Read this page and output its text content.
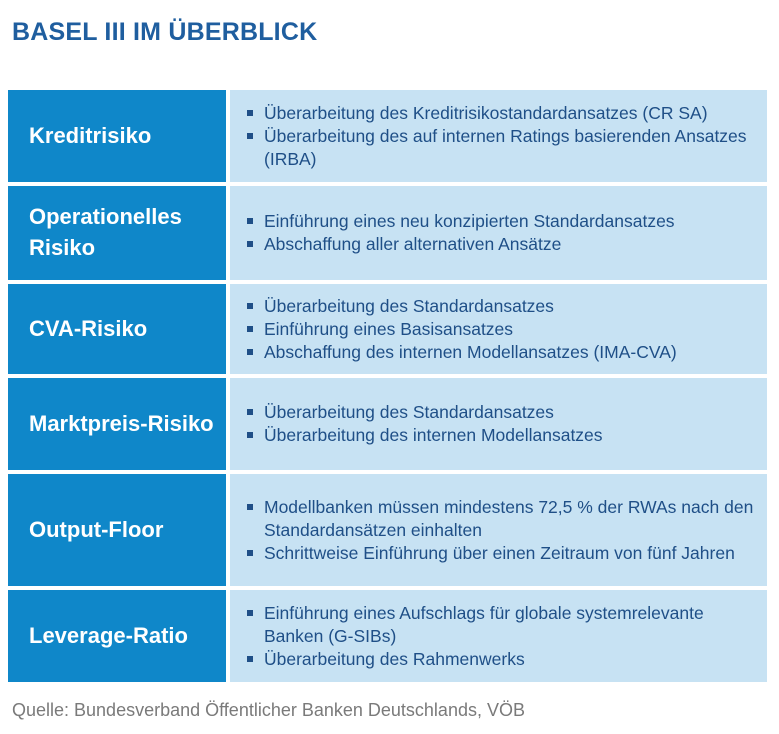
BASEL III IM ÜBERBLICK
Kreditrisiko
Überarbeitung des Kreditrisikostandardansatzes (CR SA)
Überarbeitung des auf internen Ratings basierenden Ansatzes (IRBA)
Operationelles Risiko
Einführung eines neu konzipierten Standardansatzes
Abschaffung aller alternativen Ansätze
CVA-Risiko
Überarbeitung des Standardansatzes
Einführung eines Basisansatzes
Abschaffung des internen Modellansatzes (IMA-CVA)
Marktpreis-Risiko	Überarbeitung des Standardansatzes
Überarbeitung des internen Modellansatzes
Output-Floor
Modellbanken müssen mindestens 72,5 % der RWAs nach den Standardansätzen einhalten
Schrittweise Einführung über einen Zeitraum von fünf Jahren
Leverage-Ratio
Einführung eines Aufschlags für globale systemrelevante Banken (G-SIBs)
Überarbeitung des Rahmenwerks
Quelle: Bundesverband Öffentlicher Banken Deutschlands, VÖB
